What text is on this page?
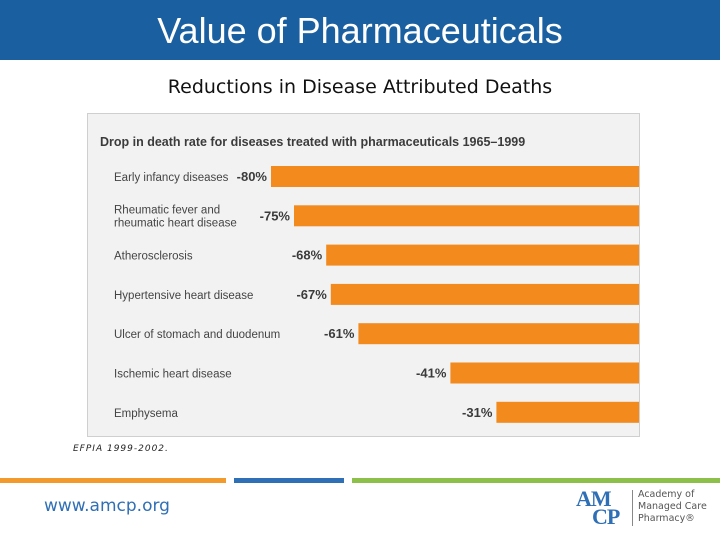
Value of Pharmaceuticals
Reductions in Disease Attributed Deaths
Drop in death rate for diseases treated with pharmaceuticals 1965–1999
Early infancy diseases -80%
Rheumatic fever and rheumatic heart disease -75%
Atherosclerosis	-68%
Hypertensive heart disease	-67%
Ulcer of stomach and duodenum	-61%
Ischemic heart disease	-41%
Emphysema	-31%
EFPIA 1999-2002.
www.amcp.org	AM
CP
Academy of
Managed Care
Pharmacy®
